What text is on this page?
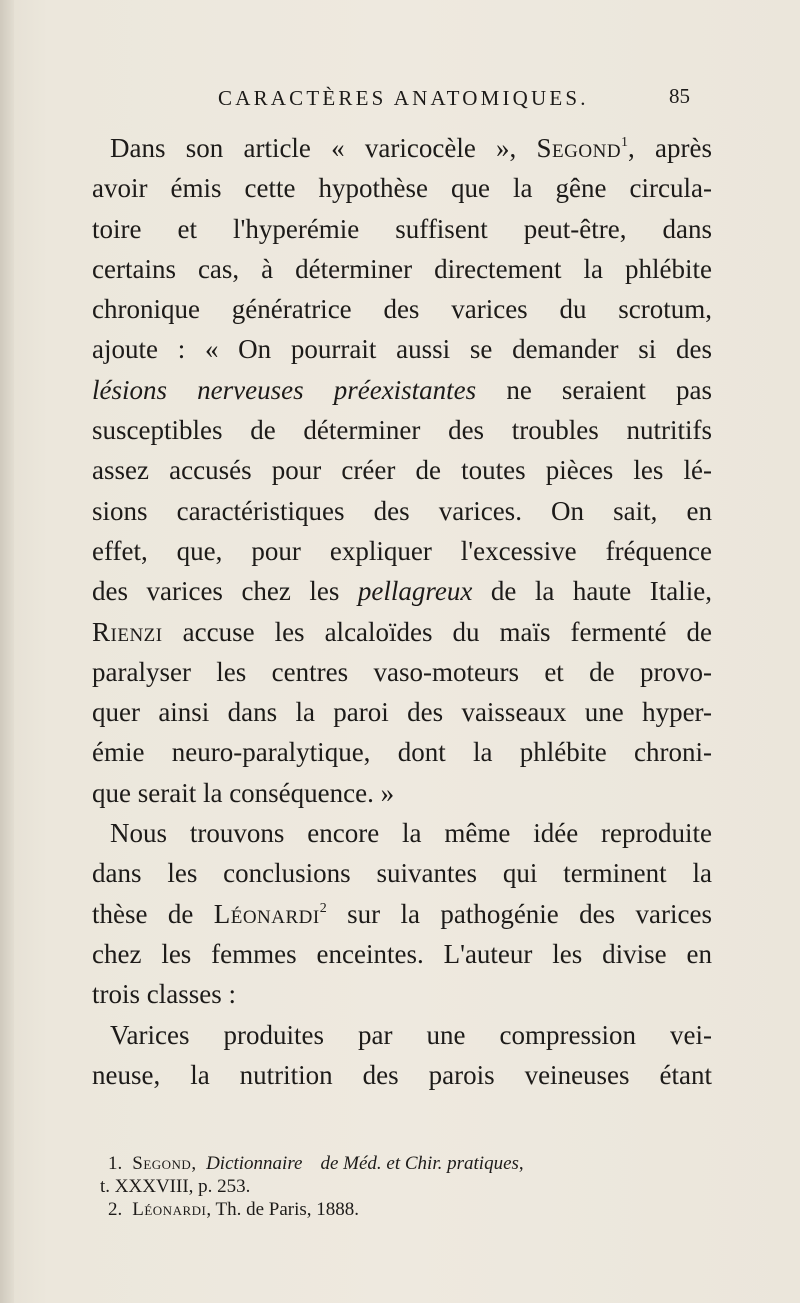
CARACTÈRES ANATOMIQUES.	85
Dans son article « varicocèle », Segond$^1$, après
avoir émis cette hypothèse que la gêne circula-
toire et l'hyperémie suffisent peut-être, dans
certains cas, à déterminer directement la phlébite
chronique génératrice des varices du scrotum,
ajoute : « On pourrait aussi se demander si des
lésions nerveuses préexistantes ne seraient pas
susceptibles de déterminer des troubles nutritifs
assez accusés pour créer de toutes pièces les lé-
sions caractéristiques des varices. On sait, en
effet, que, pour expliquer l'excessive fréquence
des varices chez les pellagreux de la haute Italie,
Rienzi accuse les alcaloïdes du maïs fermenté de
paralyser les centres vaso-moteurs et de provo-
quer ainsi dans la paroi des vaisseaux une hyper-
émie neuro-paralytique, dont la phlébite chroni-
que serait la conséquence. »
Nous trouvons encore la même idée reproduite
dans les conclusions suivantes qui terminent la
thèse de Léonardi$^2$ sur la pathogénie des varices
chez les femmes enceintes. L'auteur les divise en
trois classes :
Varices produites par une compression vei-
neuse, la nutrition des parois veineuses étant
1. Segond, Dictionnaire de Méd. et Chir. pratiques,
t. XXXVIII, p. 253.
2. Léonardi, Th. de Paris, 1888.
